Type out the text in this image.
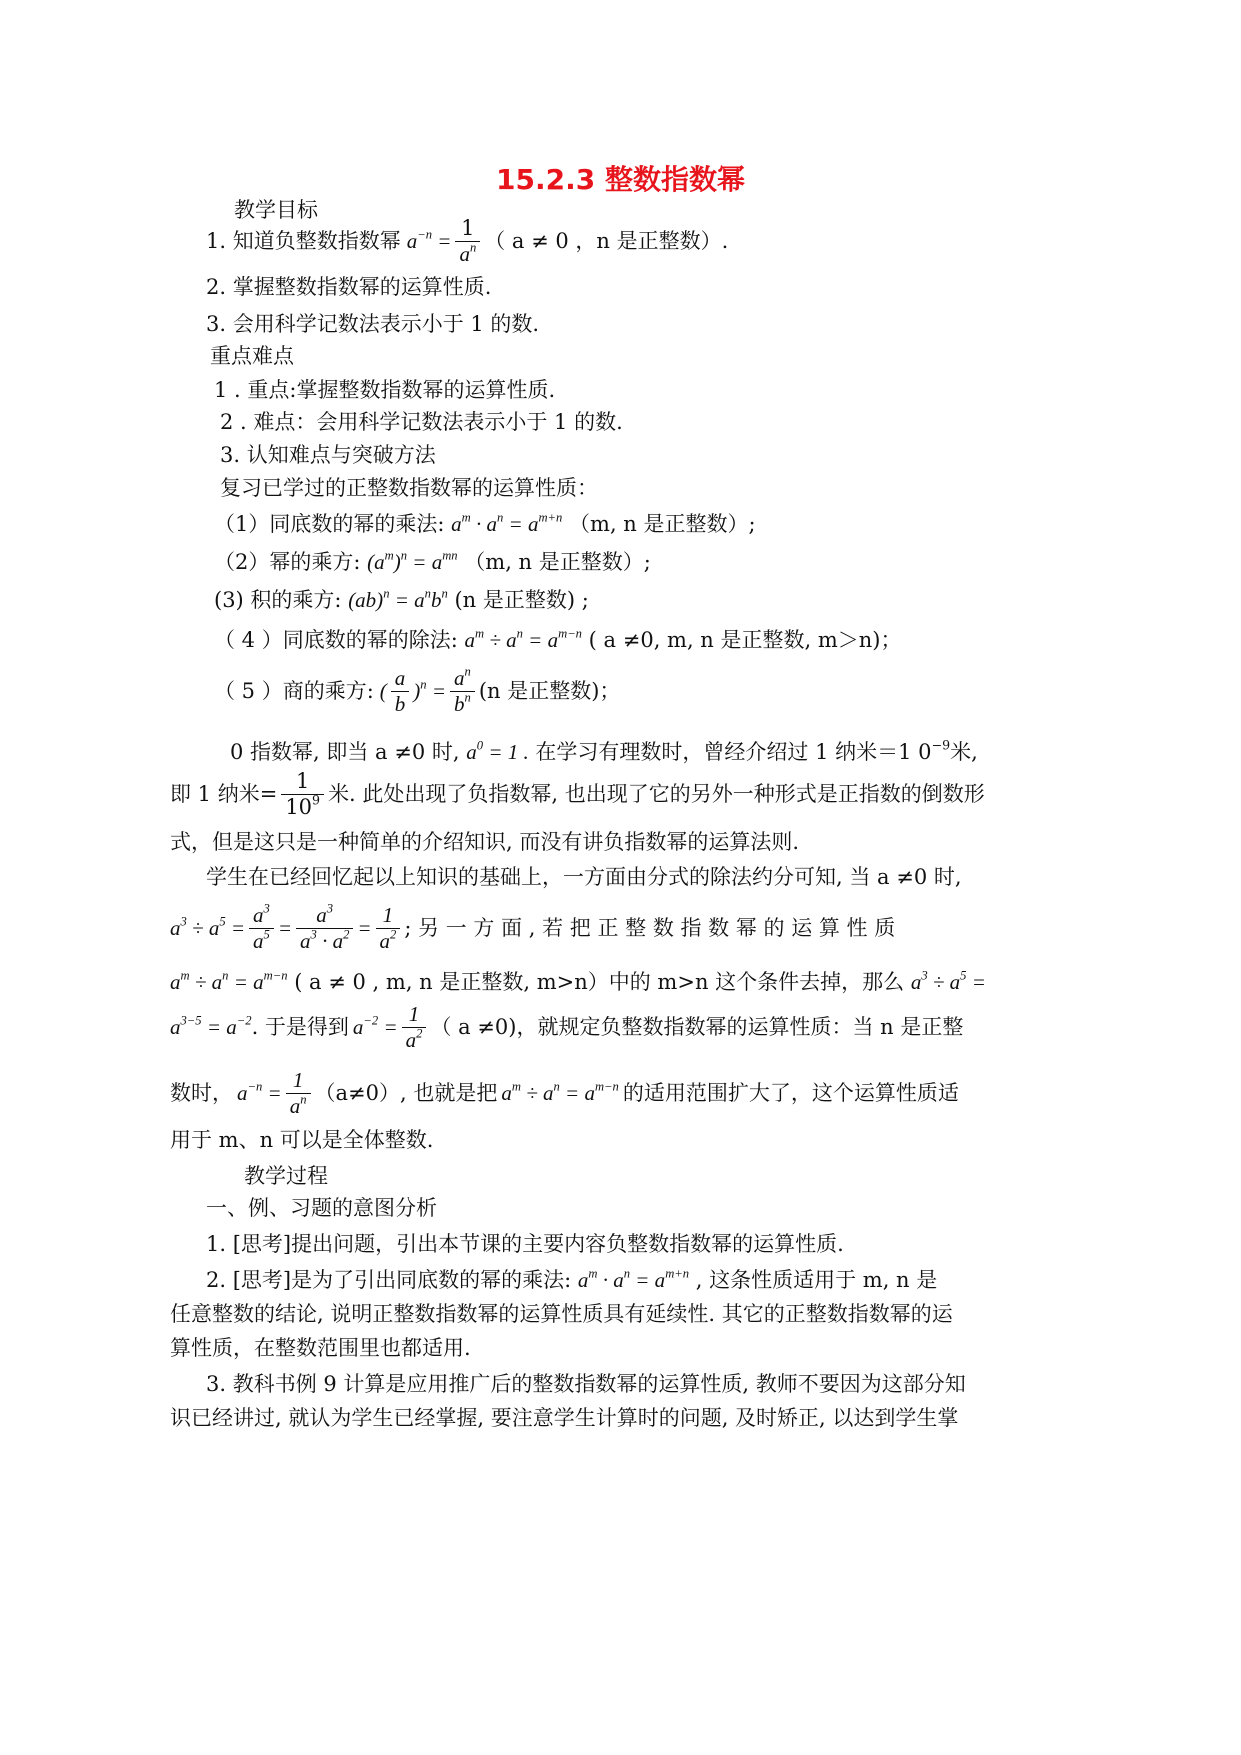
15.2.3 整数指数幂
教学目标
1. 知道负整数指数幂 $a^{-n} = \frac{1}{a^n}$ （ a ≠ 0 ，n 是正整数）.
2. 掌握整数指数幂的运算性质.
3. 会用科学记数法表示小于 1 的数.
重点难点
1 . 重点:掌握整数指数幂的运算性质.
2 . 难点：会用科学记数法表示小于 1 的数.
3. 认知难点与突破方法
复习已学过的正整数指数幂的运算性质：
（1）同底数的幂的乘法: $a^m \cdot a^n = a^{m+n}$ （m, n 是正整数）;
（2）幂的乘方: $(a^m)^n = a^{mn}$ （m, n 是正整数）;
(3) 积的乘方: $(ab)^n = a^nb^n$ (n 是正整数) ;
（ 4 ）同底数的幂的除法: $a^m \div a^n = a^{m-n}$ ( a ≠0, m, n 是正整数, m＞n)；
（ 5 ）商的乘方: ( $\frac{a}{b} )^n = \frac{a^n}{b^n} (n$ 是正整数)；
0 指数幂, 即当 a ≠0 时, $a^0 = 1$ . 在学习有理数时，曾经介绍过 1 纳米＝1 $0^{-9}$米,
即 1 纳米= $\frac{1}{10^9}$ 米. 此处出现了负指数幂, 也出现了它的另外一种形式是正指数的倒数形
式，但是这只是一种简单的介绍知识, 而没有讲负指数幂的运算法则.
学生在已经回忆起以上知识的基础上，一方面由分式的除法约分可知, 当 a ≠0 时,
$a^3 \div a^5 = \frac{a^3}{a^5} = \frac{a^3}{a^3 \cdot a^2} = \frac{1}{a^2}$ ; 另 一 方 面 , 若 把 正 整 数 指 数 幂 的 运 算 性 质
$a^m \div a^n = a^{m-n}$ ( a ≠ 0 , m, n 是正整数, m>n）中的 m>n 这个条件去掉，那么 $a^3 \div a^5$ =
$a^{3-5} = a^{-2}$ . 于是得到 $a^{-2} = \frac{1}{a^2}$ （ a ≠0)，就规定负整数指数幂的运算性质：当 n 是正整
数时， $a^{-n} = \frac{1}{a^n} (a\ne 0)$, 也就是把 $a^m \div a^n = a^{m-n}$ 的适用范围扩大了，这个运算性质适
用于 m、n 可以是全体整数.
教学过程
一、例、习题的意图分析
1. [思考]提出问题，引出本节课的主要内容负整数指数幂的运算性质.
2. [思考]是为了引出同底数的幂的乘法: $a^m \cdot a^n = a^{m+n}$ , 这条性质适用于 m, n 是
任意整数的结论, 说明正整数指数幂的运算性质具有延续性. 其它的正整数指数幂的运
算性质，在整数范围里也都适用.
3. 教科书例 9 计算是应用推广后的整数指数幂的运算性质, 教师不要因为这部分知
识已经讲过, 就认为学生已经掌握, 要注意学生计算时的问题, 及时矫正, 以达到学生掌
